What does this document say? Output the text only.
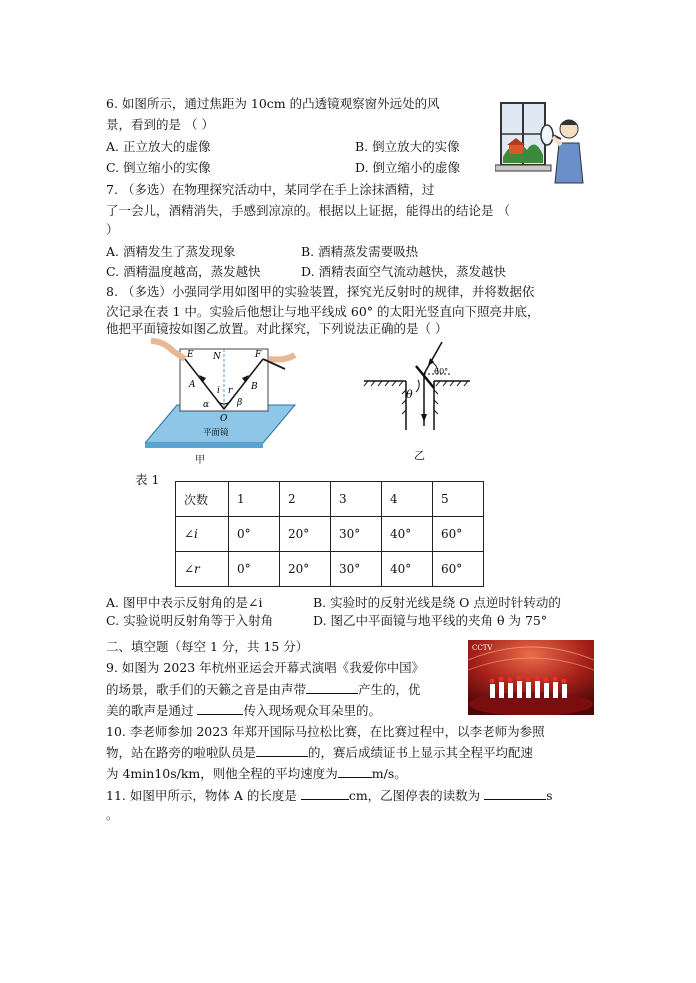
6. 如图所示，通过焦距为 10cm 的凸透镜观察窗外远处的风
景，看到的是 （ ）
A. 正立放大的虚像	B. 倒立放大的实像
C. 倒立缩小的实像	D. 倒立缩小的虚像
7. （多选）在物理探究活动中，某同学在手上涂抹酒精，过
了一会儿，酒精消失，手感到凉凉的。根据以上证据，能得出的结论是 （
）
A. 酒精发生了蒸发现象	B. 酒精蒸发需要吸热
C. 酒精温度越高，蒸发越快	D. 酒精表面空气流动越快，蒸发越快
8. （多选）小强同学用如图甲的实验装置，探究光反射时的规律，并将数据依
次记录在表 1 中。实验后他想让与地平线成 60° 的太阳光竖直向下照亮井底，
他把平面镜按如图乙放置。对此探究，下列说法正确的是（ ）
E N	F
A	B
i r
α	β
O
平面镜
甲
60°
θ
乙
表 1
次数	1	2	3	4	5
∠i	0°	20°	30°	40°	60°
∠r	0°	20°	30°	40°	60°
A. 图甲中表示反射角的是∠i	B. 实验时的反射光线是绕 O 点逆时针转动的
C. 实验说明反射角等于入射角	D. 图乙中平面镜与地平线的夹角 θ 为 75°
二、填空题（每空 1 分，共 15 分）
9. 如图为 2023 年杭州亚运会开幕式演唱《我爱你中国》
的场景，歌手们的天籁之音是由声带	产生的，优
美的歌声是通过	传入现场观众耳朵里的。
CCTV
10. 李老师参加 2023 年郑开国际马拉松比赛，在比赛过程中，以李老师为参照
物，站在路旁的啦啦队员是	的，赛后成绩证书上显示其全程平均配速
为 4min10s/km，则他全程的平均速度为	m/s。
11. 如图甲所示，物体 A 的长度是	cm，乙图停表的读数为	s
。
